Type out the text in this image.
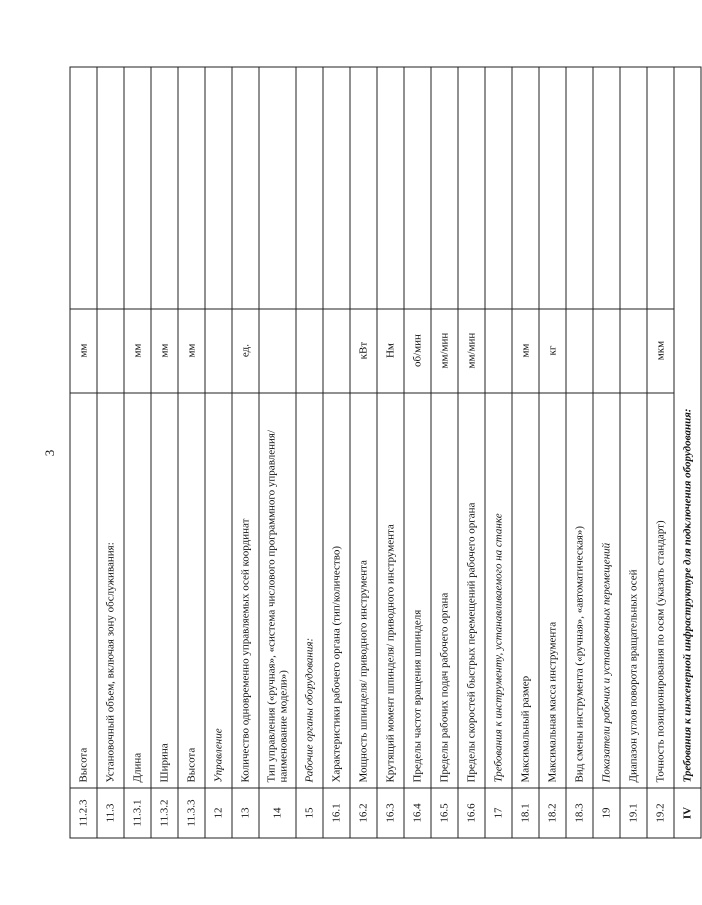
3
11.2.3	Высота	мм	
11.3	Установочный объем, включая зону обслуживания:		
11.3.1	Длина	мм	
11.3.2	Ширина	мм	
11.3.3	Высота	мм	
12	Управление		
13	Количество одновременно управляемых осей координат	ед.	
14	Тип управления («ручная», «система числового программного управления/наименование модели»)		
15	Рабочие органы оборудования:		
16.1	Характеристики рабочего органа (тип/количество)		
16.2	Мощность шпинделя/ приводного инструмента	кВт	
16.3	Крутящий момент шпинделя/ приводного инструмента	Нм	
16.4	Пределы частот вращения шпинделя	об/мин	
16.5	Пределы рабочих подач рабочего органа	мм/мин	
16.6	Пределы скоростей быстрых перемещений рабочего органа	мм/мин	
17	Требования к инструменту, устанавливаемого на станке		
18.1	Максимальный размер	мм	
18.2	Максимальная масса инструмента	кг	
18.3	Вид смены инструмента («ручная», «автоматическая»)		
19	Показатели рабочих и установочных перемещений		
19.1	Диапазон углов поворота вращательных осей		
19.2	Точность позиционирования по осям (указать стандарт)	мкм	
IV	Требования к инженерной инфраструктуре для подключения оборудования:		
